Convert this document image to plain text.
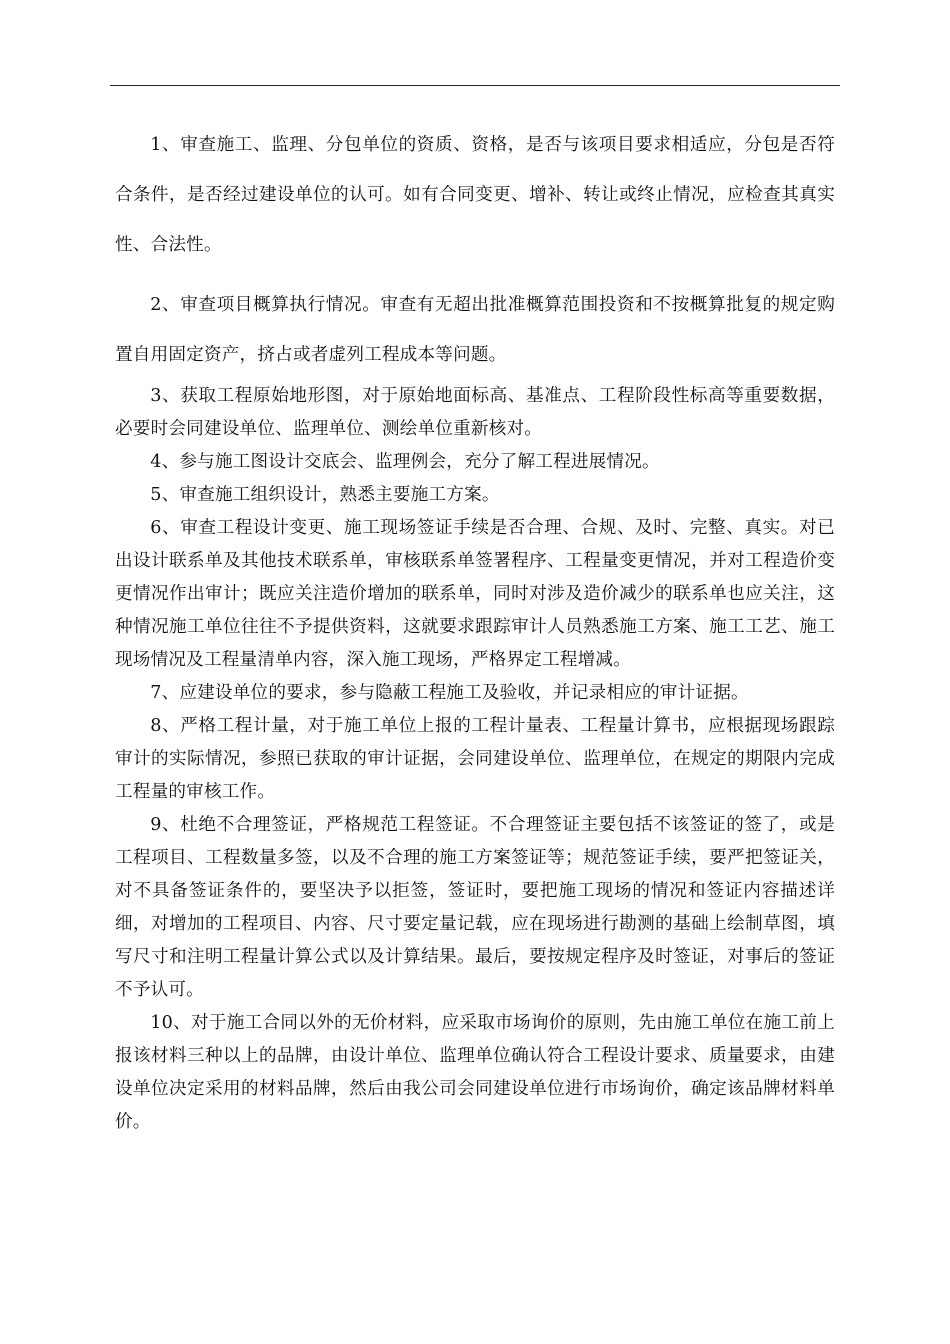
1、审查施工、监理、分包单位的资质、资格，是否与该项目要求相适应，分包是否符合条件，是否经过建设单位的认可。如有合同变更、增补、转让或终止情况，应检查其真实性、合法性。

2、审查项目概算执行情况。审查有无超出批准概算范围投资和不按概算批复的规定购置自用固定资产，挤占或者虚列工程成本等问题。

3、获取工程原始地形图，对于原始地面标高、基准点、工程阶段性标高等重要数据，必要时会同建设单位、监理单位、测绘单位重新核对。

4、参与施工图设计交底会、监理例会，充分了解工程进展情况。

5、审查施工组织设计，熟悉主要施工方案。

6、审查工程设计变更、施工现场签证手续是否合理、合规、及时、完整、真实。对已出设计联系单及其他技术联系单，审核联系单签署程序、工程量变更情况，并对工程造价变更情况作出审计；既应关注造价增加的联系单，同时对涉及造价减少的联系单也应关注，这种情况施工单位往往不予提供资料，这就要求跟踪审计人员熟悉施工方案、施工工艺、施工现场情况及工程量清单内容，深入施工现场，严格界定工程增减。

7、应建设单位的要求，参与隐蔽工程施工及验收，并记录相应的审计证据。

8、严格工程计量，对于施工单位上报的工程计量表、工程量计算书，应根据现场跟踪审计的实际情况，参照已获取的审计证据，会同建设单位、监理单位，在规定的期限内完成工程量的审核工作。

9、杜绝不合理签证，严格规范工程签证。不合理签证主要包括不该签证的签了，或是工程项目、工程数量多签，以及不合理的施工方案签证等；规范签证手续，要严把签证关，对不具备签证条件的，要坚决予以拒签，签证时，要把施工现场的情况和签证内容描述详细，对增加的工程项目、内容、尺寸要定量记载，应在现场进行勘测的基础上绘制草图，填写尺寸和注明工程量计算公式以及计算结果。最后，要按规定程序及时签证，对事后的签证不予认可。

10、对于施工合同以外的无价材料，应采取市场询价的原则，先由施工单位在施工前上报该材料三种以上的品牌，由设计单位、监理单位确认符合工程设计要求、质量要求，由建设单位决定采用的材料品牌，然后由我公司会同建设单位进行市场询价，确定该品牌材料单价。
